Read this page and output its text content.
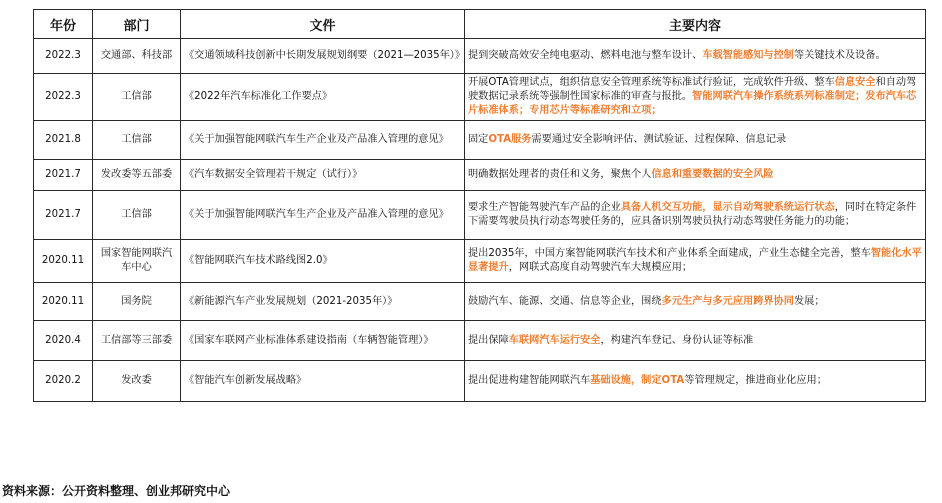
年份	部门	文件	主要内容
2022.3	交通部、科技部	《交通领域科技创新中长期发展规划纲要（2021—2035年）》	提到突破高效安全纯电驱动、燃料电池与整车设计、车载智能感知与控制等关键技术及设备。
2022.3	工信部	《2022年汽车标准化工作要点》	开展OTA管理试点，组织信息安全管理系统等标准试行验证，完成软件升级、整车信息安全和自动驾驶数据记录系统等强制性国家标准的审查与报批。智能网联汽车操作系统系列标准制定；发布汽车芯片标准体系；专用芯片等标准研究和立项；
2021.8	工信部	《关于加强智能网联汽车生产企业及产品准入管理的意见》	固定OTA服务需要通过安全影响评估、测试验证、过程保障、信息记录
2021.7	发改委等五部委	《汽车数据安全管理若干规定（试行）》	明确数据处理者的责任和义务，聚焦个人信息和重要数据的安全风险
2021.7	工信部	《关于加强智能网联汽车生产企业及产品准入管理的意见》	要求生产智能驾驶汽车产品的企业具备人机交互功能，显示自动驾驶系统运行状态，同时在特定条件下需要驾驶员执行动态驾驶任务的，应具备识别驾驶员执行动态驾驶任务能力的功能；
2020.11	国家智能网联汽车中心	《智能网联汽车技术路线图2.0》	提出2035年，中国方案智能网联汽车技术和产业体系全面建成，产业生态健全完善，整车智能化水平显著提升，网联式高度自动驾驶汽车大规模应用；
2020.11	国务院	《新能源汽车产业发展规划（2021-2035年）》	鼓励汽车、能源、交通、信息等企业，围绕多元生产与多元应用跨界协同发展；
2020.4	工信部等三部委	《国家车联网产业标准体系建设指南（车辆智能管理）》	提出保障车联网汽车运行安全，构建汽车登记、身份认证等标准
2020.2	发改委	《智能汽车创新发展战略》	提出促进构建智能网联汽车基础设施，制定OTA等管理规定，推进商业化应用；
资料来源：公开资料整理、创业邦研究中心
